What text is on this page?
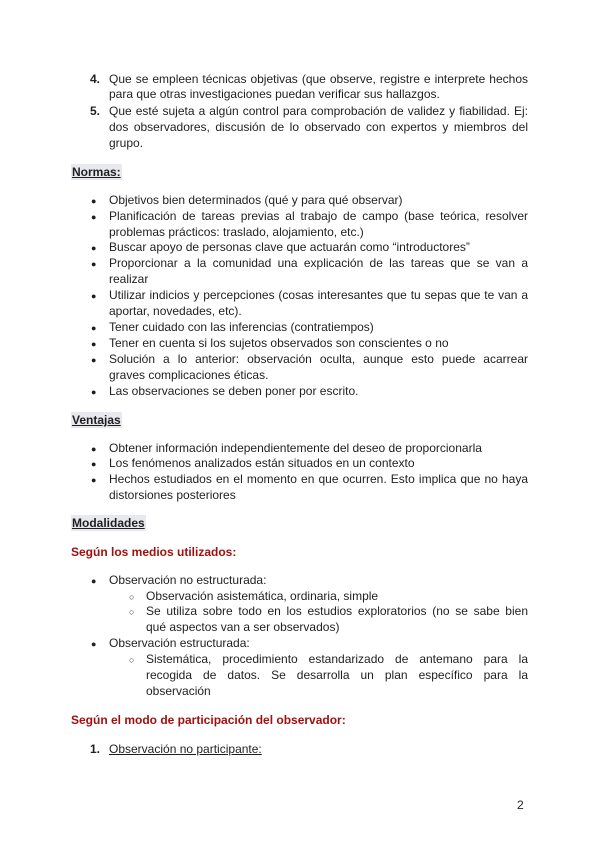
4. Que se empleen técnicas objetivas (que observe, registre e interprete hechos
para que otras investigaciones puedan verificar sus hallazgos.
5. Que esté sujeta a algún control para comprobación de validez y fiabilidad. Ej:
dos observadores, discusión de lo observado con expertos y miembros del
grupo.
Normas:
● Objetivos bien determinados (qué y para qué observar)
● Planificación de tareas previas al trabajo de campo (base teórica, resolver
problemas prácticos: traslado, alojamiento, etc.)
● Buscar apoyo de personas clave que actuarán como “introductores”
● Proporcionar a la comunidad una explicación de las tareas que se van a
realizar
● Utilizar indicios y percepciones (cosas interesantes que tu sepas que te van a
aportar, novedades, etc).
● Tener cuidado con las inferencias (contratiempos)
● Tener en cuenta si los sujetos observados son conscientes o no
● Solución a lo anterior: observación oculta, aunque esto puede acarrear
graves complicaciones éticas.
● Las observaciones se deben poner por escrito.
Ventajas
● Obtener información independientemente del deseo de proporcionarla
● Los fenómenos analizados están situados en un contexto
● Hechos estudiados en el momento en que ocurren. Esto implica que no haya
distorsiones posteriores
Modalidades
Según los medios utilizados:
● Observación no estructurada:
○ Observación asistemática, ordinaria, simple
○ Se utiliza sobre todo en los estudios exploratorios (no se sabe bien
qué aspectos van a ser observados)
● Observación estructurada:
○ Sistemática, procedimiento estandarizado de antemano para la
recogida de datos. Se desarrolla un plan específico para la
observación
Según el modo de participación del observador:
1. Observación no participante:
2
